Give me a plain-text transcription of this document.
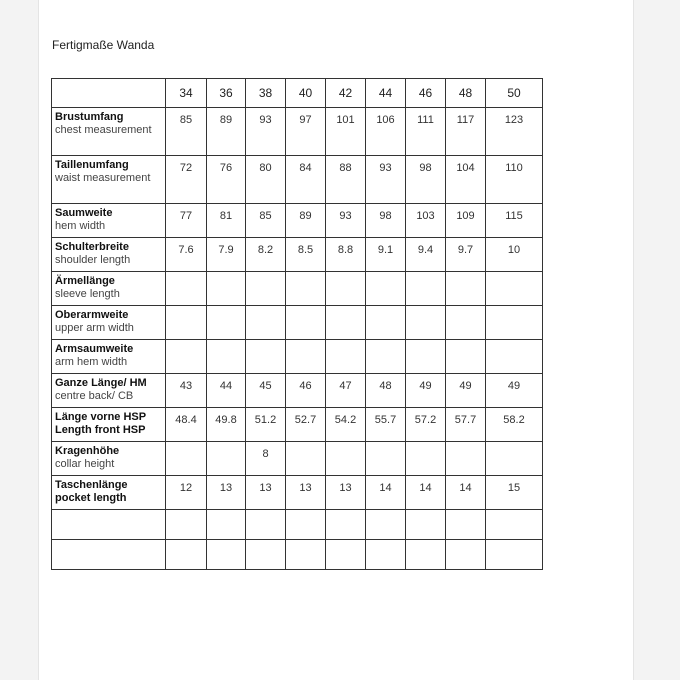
Fertigmaße Wanda
	34	36	38	40	42	44	46	48	50

Brustumfang
chest measurement	85	89	93	97	101	106	111	117	123

Taillenumfang
waist measurement	72	76	80	84	88	93	98	104	110

Saumweite
hem width	77	81	85	89	93	98	103	109	115

Schulterbreite
shoulder length	7.6	7.9	8.2	8.5	8.8	9.1	9.4	9.7	10

Ärmellänge
sleeve length									

Oberarmweite
upper arm width									

Armsaumweite
arm hem width									

Ganze Länge/ HM
centre back/ CB	43	44	45	46	47	48	49	49	49

Länge vorne HSP
Length front HSP	48.4	49.8	51.2	52.7	54.2	55.7	57.2	57.7	58.2

Kragenhöhe
collar height			8						

Taschenlänge
pocket length	12	13	13	13	13	14	14	14	15
